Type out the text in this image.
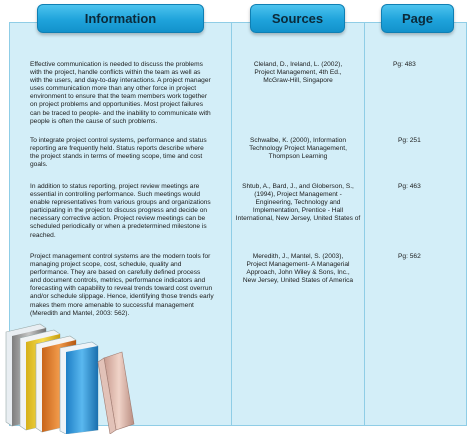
Information	Sources	Page
Effective communication is needed to discuss the problems
with the project, handle conflicts within the team as well as
with the users, and day-to-day interactions. A project manager
uses communication more than any other force in project
environment to ensure that the team members work together
on project problems and opportunities. Most project failures
can be traced to people- and the inability to communicate with
people is often the cause of such problems.
Cleland, D., Ireland, L. (2002),
Project Management, 4th Ed.,
McGraw-Hill, Singapore
Pg: 483
To integrate project control systems, performance and status
reporting are frequently held. Status reports describe where
the project stands in terms of meeting scope, time and cost
goals.
Schwalbe, K. (2000), Information
Technology Project Management,
Thompson Learning
Pg: 251
In addition to status reporting, project review meetings are
essential in controlling performance. Such meetings would
enable representatives from various groups and organizations
participating in the project to discuss progress and decide on
necessary corrective action. Project review meetings can be
scheduled periodically or when a predetermined milestone is
reached.
Shtub, A., Bard, J., and Globerson, S.,
(1994), Project Management -
Engineering, Technology and
Implementation, Prentice - Hall
International, New Jersey, United States of
Pg: 463
Project management control systems are the modern tools for
managing project scope, cost, schedule, quality and
performance. They are based on carefully defined process
and document controls, metrics, performance indicators and
forecasting with capability to reveal trends toward cost overrun
and/or schedule slippage. Hence, identifying those trends early
makes them more amenable to successful management
(Meredith and Mantel, 2003: 562).
Meredith, J., Mantel, S. (2003),
Project Management- A Managerial
Approach, John Wiley & Sons, Inc.,
New Jersey, United States of America
Pg: 562
